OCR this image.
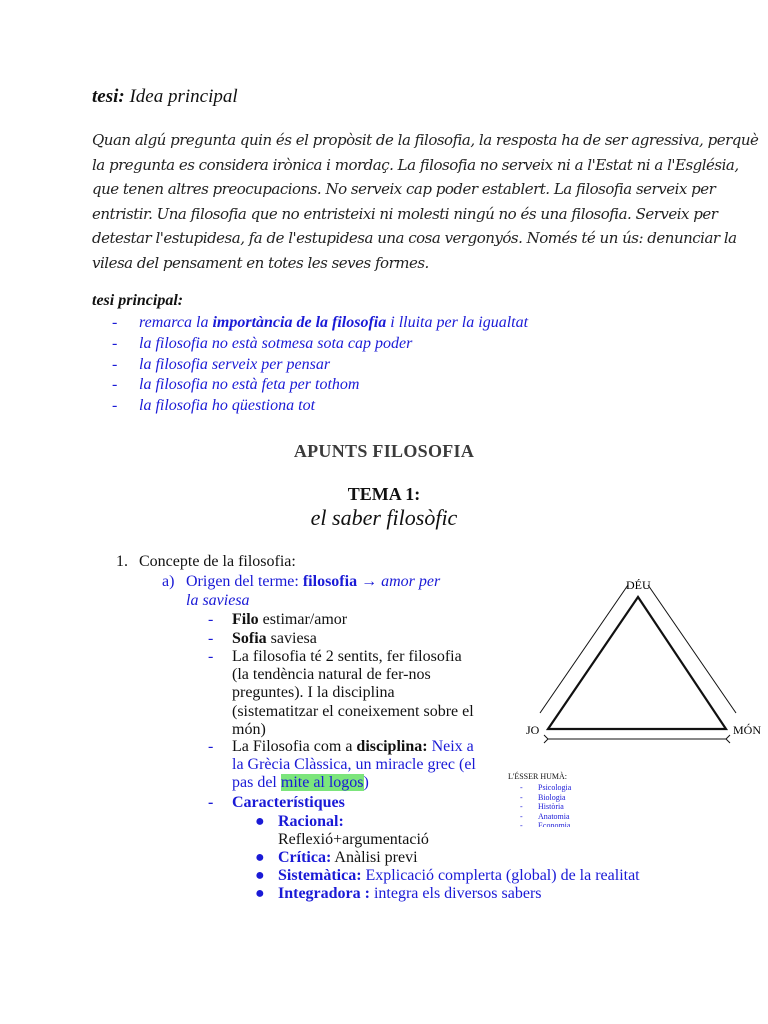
tesi: Idea principal
Quan algú pregunta quin és el propòsit de la filosofia, la resposta ha de ser agressiva, perquè
la pregunta es considera irònica i mordaç. La filosofia no serveix ni a l'Estat ni a l'Església,
que tenen altres preocupacions. No serveix cap poder establert. La filosofia serveix per
entristir. Una filosofia que no entristeixi ni molesti ningú no és una filosofia. Serveix per
detestar l'estupidesa, fa de l'estupidesa una cosa vergonyós. Només té un ús: denunciar la
vilesa del pensament en totes les seves formes.
tesi principal:
- remarca la importància de la filosofia i lluita per la igualtat
- la filosofia no està sotmesa sota cap poder
- la filosofia serveix per pensar
- la filosofia no està feta per tothom
- la filosofia ho qüestiona tot
APUNTS FILOSOFIA
TEMA 1:
el saber filosòfic
1. Concepte de la filosofia:
a) Origen del terme: filosofia → amor per
la saviesa
- Filo estimar/amor
- Sofia saviesa
- La filosofia té 2 sentits, fer filosofia
(la tendència natural de fer-nos
preguntes). I la disciplina
(sistematitzar el coneixement sobre el
món)
- La Filosofia com a disciplina: Neix a
la Grècia Clàssica, un miracle grec (el
pas del mite al logos)
- Característiques
● Racional:
Reflexió+argumentació
● Crítica: Anàlisi previ
● Sistemàtica: Explicació complerta (global) de la realitat
● Integradora : integra els diversos sabers
DÉU
JO	MÓN
L'ÉSSER HUMÀ:
- Psicologia
- Biologia
- Història
- Anatomia
- Economia...
